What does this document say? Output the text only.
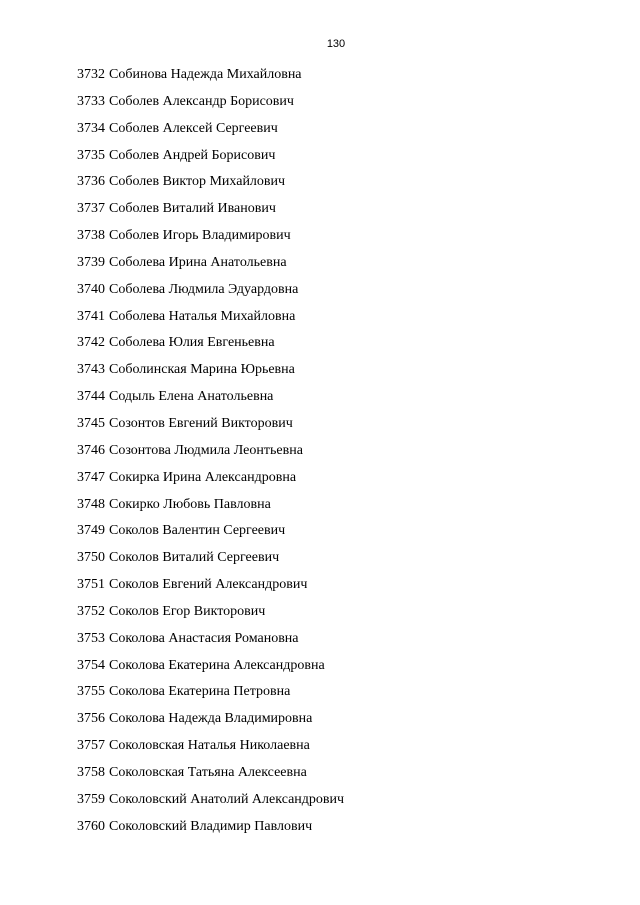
130
3732 Собинова Надежда Михайловна
3733 Соболев Александр Борисович
3734 Соболев Алексей Сергеевич
3735 Соболев Андрей Борисович
3736 Соболев Виктор Михайлович
3737 Соболев Виталий Иванович
3738 Соболев Игорь Владимирович
3739 Соболева Ирина Анатольевна
3740 Соболева Людмила Эдуардовна
3741 Соболева Наталья Михайловна
3742 Соболева Юлия Евгеньевна
3743 Соболинская Марина Юрьевна
3744 Содыль Елена Анатольевна
3745 Созонтов Евгений Викторович
3746 Созонтова Людмила Леонтьевна
3747 Сокирка Ирина Александровна
3748 Сокирко Любовь Павловна
3749 Соколов Валентин Сергеевич
3750 Соколов Виталий Сергеевич
3751 Соколов Евгений Александрович
3752 Соколов Егор Викторович
3753 Соколова Анастасия Романовна
3754 Соколова Екатерина Александровна
3755 Соколова Екатерина Петровна
3756 Соколова Надежда Владимировна
3757 Соколовская Наталья Николаевна
3758 Соколовская Татьяна Алексеевна
3759 Соколовский Анатолий Александрович
3760 Соколовский Владимир Павлович
